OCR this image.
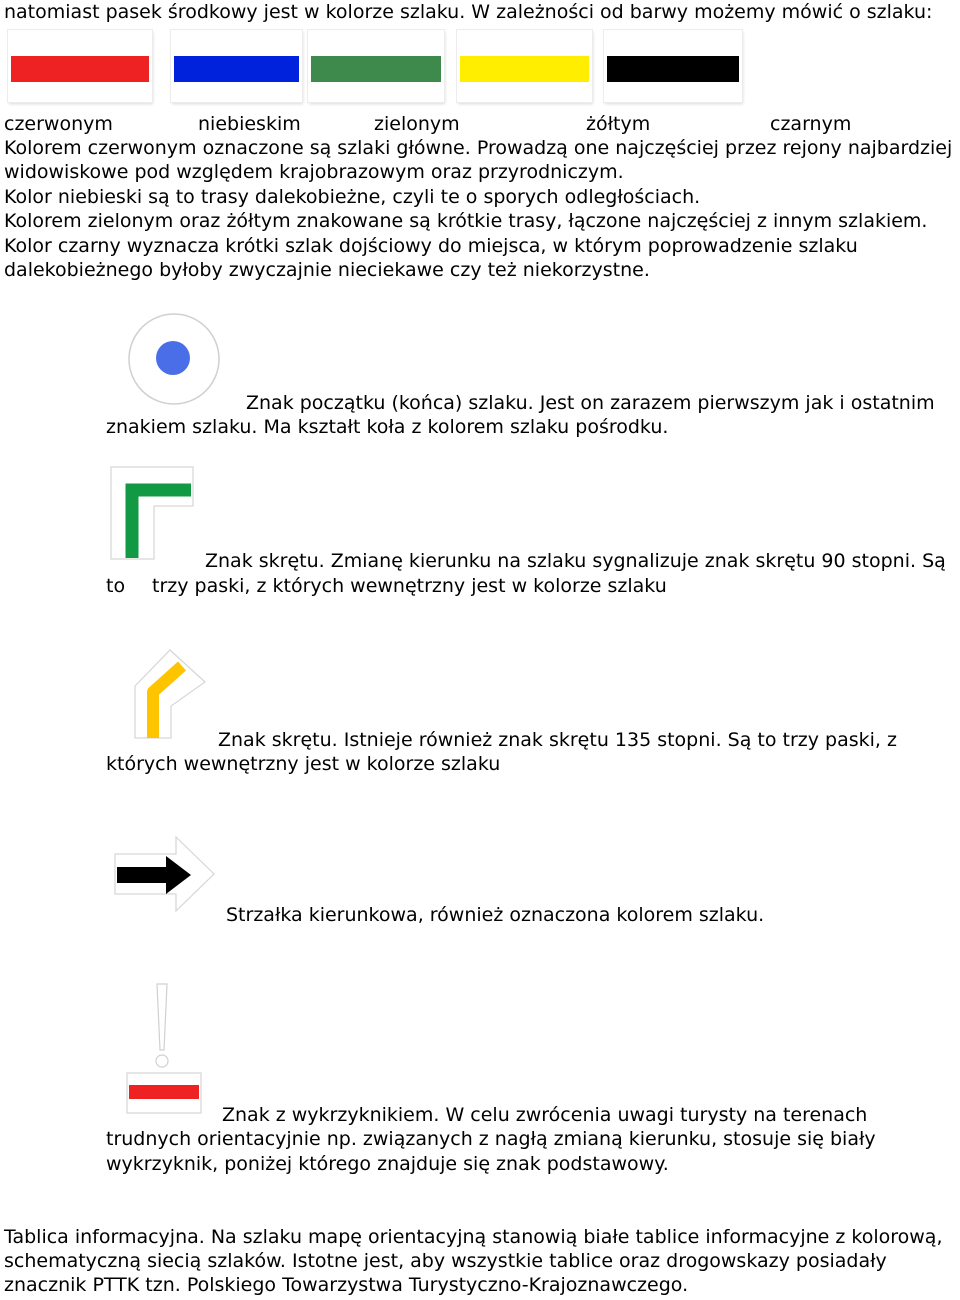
natomiast pasek środkowy jest w kolorze szlaku. W zależności od barwy możemy mówić o szlaku:
czerwonym	niebieskim	zielonym	żółtym	czarnym
Kolorem czerwonym oznaczone są szlaki główne. Prowadzą one najczęściej przez rejony najbardziej
widowiskowe pod względem krajobrazowym oraz przyrodniczym.
Kolor niebieski są to trasy dalekobieżne, czyli te o sporych odległościach.
Kolorem zielonym oraz żółtym znakowane są krótkie trasy, łączone najczęściej z innym szlakiem.
Kolor czarny wyznacza krótki szlak dojściowy do miejsca, w którym poprowadzenie szlaku
dalekobieżnego byłoby zwyczajnie nieciekawe czy też niekorzystne.
Znak początku (końca) szlaku. Jest on zarazem pierwszym jak i ostatnim
znakiem szlaku. Ma kształt koła z kolorem szlaku pośrodku.
Znak skrętu. Zmianę kierunku na szlaku sygnalizuje znak skrętu 90 stopni. Są
to trzy paski, z których wewnętrzny jest w kolorze szlaku
Znak skrętu. Istnieje również znak skrętu 135 stopni. Są to trzy paski, z
których wewnętrzny jest w kolorze szlaku
Strzałka kierunkowa, również oznaczona kolorem szlaku.
Znak z wykrzyknikiem. W celu zwrócenia uwagi turysty na terenach
trudnych orientacyjnie np. związanych z nagłą zmianą kierunku, stosuje się biały
wykrzyknik, poniżej którego znajduje się znak podstawowy.
Tablica informacyjna. Na szlaku mapę orientacyjną stanowią białe tablice informacyjne z kolorową,
schematyczną siecią szlaków. Istotne jest, aby wszystkie tablice oraz drogowskazy posiadały
znacznik PTTK tzn. Polskiego Towarzystwa Turystyczno-Krajoznawczego.
